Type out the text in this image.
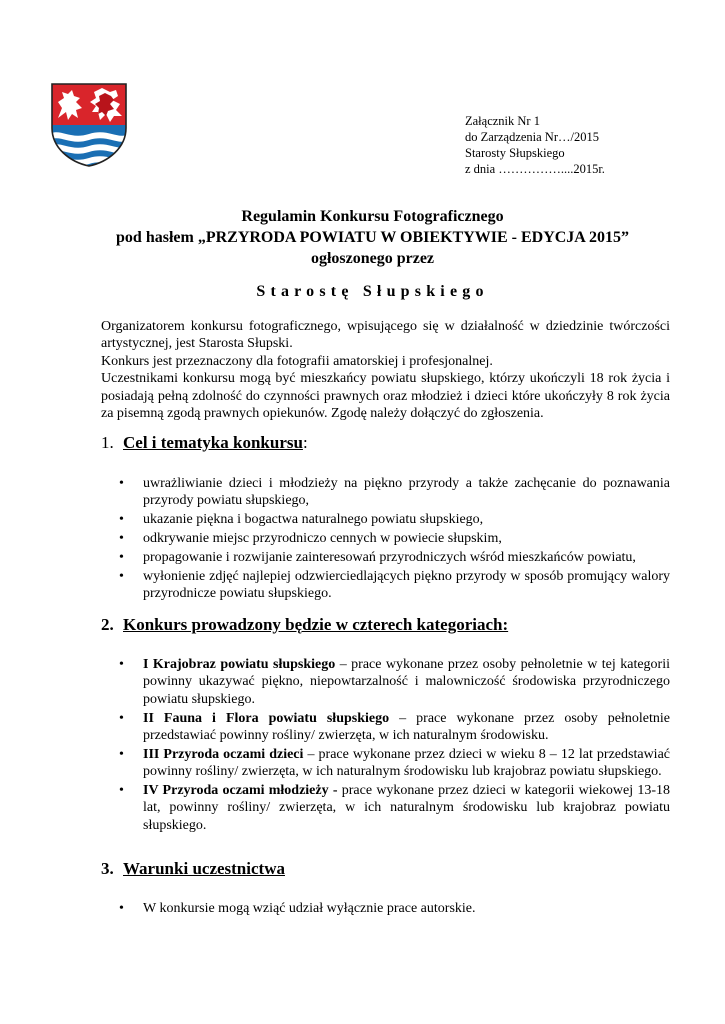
Załącznik Nr 1
do Zarządzenia Nr…/2015
Starosty Słupskiego
z dnia ……………....2015r.
Regulamin Konkursu Fotograficznego
pod hasłem „PRZYRODA POWIATU W OBIEKTYWIE - EDYCJA 2015”
ogłoszonego przez
Starostę Słupskiego

Organizatorem konkursu fotograficznego, wpisującego się w działalność w dziedzinie twórczości artystycznej, jest Starosta Słupski.

Konkurs jest przeznaczony dla fotografii amatorskiej i profesjonalnej.

Uczestnikami konkursu mogą być mieszkańcy powiatu słupskiego, którzy ukończyli 18 rok życia i posiadają pełną zdolność do czynności prawnych oraz młodzież i dzieci które ukończyły 8 rok życia za pisemną zgodą prawnych opiekunów. Zgodę należy dołączyć do zgłoszenia.

1. Cel i tematyka konkursu:
• uwrażliwianie dzieci i młodzieży na piękno przyrody a także zachęcanie do poznawania przyrody powiatu słupskiego,
• ukazanie piękna i bogactwa naturalnego powiatu słupskiego,
• odkrywanie miejsc przyrodniczo cennych w powiecie słupskim,
• propagowanie i rozwijanie zainteresowań przyrodniczych wśród mieszkańców powiatu,
• wyłonienie zdjęć najlepiej odzwierciedlających piękno przyrody w sposób promujący walory przyrodnicze powiatu słupskiego.
2. Konkurs prowadzony będzie w czterech kategoriach:
• I Krajobraz powiatu słupskiego – prace wykonane przez osoby pełnoletnie w tej kategorii powinny ukazywać piękno, niepowtarzalność i malowniczość środowiska przyrodniczego powiatu słupskiego.
• II Fauna i Flora powiatu słupskiego – prace wykonane przez osoby pełnoletnie przedstawiać powinny rośliny/ zwierzęta, w ich naturalnym środowisku.
• III Przyroda oczami dzieci – prace wykonane przez dzieci w wieku 8 – 12 lat przedstawiać powinny rośliny/ zwierzęta, w ich naturalnym środowisku lub krajobraz powiatu słupskiego.
• IV Przyroda oczami młodzieży - prace wykonane przez dzieci w kategorii wiekowej 13-18 lat, powinny rośliny/ zwierzęta, w ich naturalnym środowisku lub krajobraz powiatu słupskiego.
3. Warunki uczestnictwa
• W konkursie mogą wziąć udział wyłącznie prace autorskie.
